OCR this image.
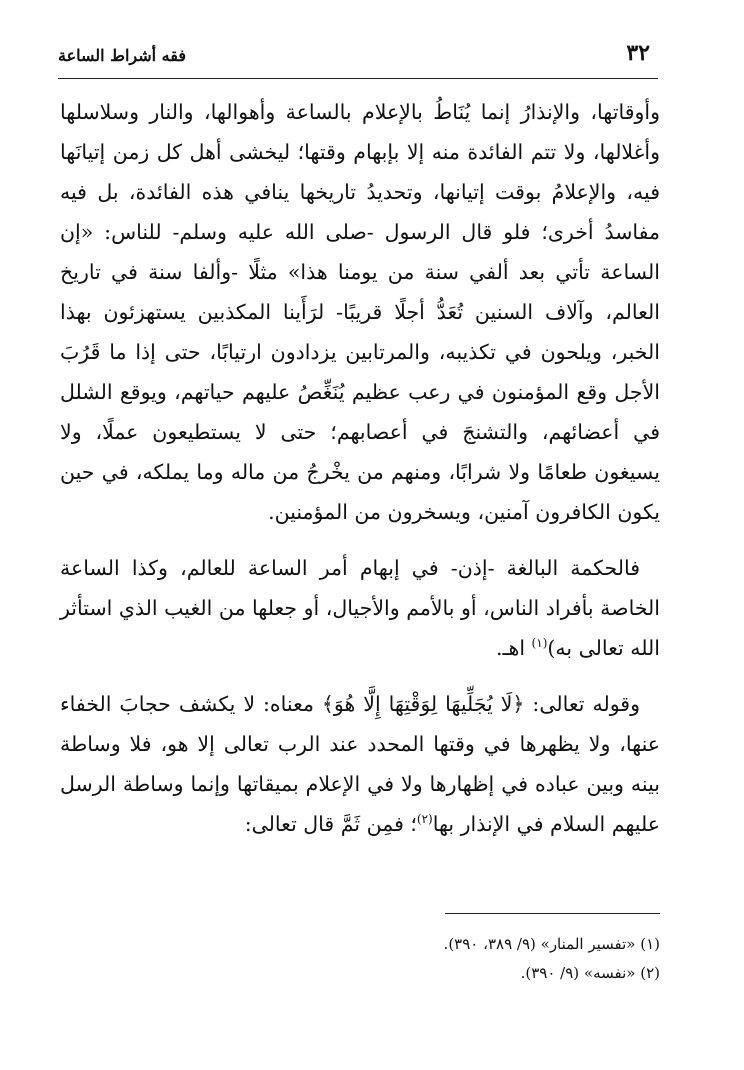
٣٢
فقه أشراط الساعة

وأوقاتها، والإنذارُ إنما يُنَاطُ بالإعلام بالساعة وأهوالها، والنار وسلاسلها وأغلالها، ولا تتم الفائدة منه إلا بإبهام وقتها؛ ليخشى أهل كل زمن إتيانَها فيه، والإعلامُ بوقت إتيانها، وتحديدُ تاريخها ينافي هذه الفائدة، بل فيه مفاسدُ أخرى؛ فلو قال الرسول -صلى الله عليه وسلم- للناس: «إن الساعة تأتي بعد ألفي سنة من يومنا هذا» مثلًا -وألفا سنة في تاريخ العالم، وآلاف السنين تُعَدُّ أجلًا قريبًا- لرَأَينا المكذبين يستهزئون بهذا الخبر، ويلحون في تكذيبه، والمرتابين يزدادون ارتيابًا، حتى إذا ما قَرُبَ الأجل وقع المؤمنون في رعب عظيم يُنَغِّصُ عليهم حياتهم، ويوقع الشلل في أعضائهم، والتشنجَ في أعصابهم؛ حتى لا يستطيعون عملًا، ولا يسيغون طعامًا ولا شرابًا، ومنهم من يخْرجُ من ماله وما يملكه، في حين يكون الكافرون آمنين، ويسخرون من المؤمنين.

فالحكمة البالغة -إذن- في إبهام أمر الساعة للعالم، وكذا الساعة الخاصة بأفراد الناس، أو بالأمم والأجيال، أو جعلها من الغيب الذي استأثر الله تعالى به)$^{(١)}$ اهـ.

وقوله تعالى: ﴿لَا يُجَلِّيهَا لِوَقْتِهَا إِلَّا هُوَ﴾ معناه: لا يكشف حجابَ الخفاء عنها، ولا يظهرها في وقتها المحدد عند الرب تعالى إلا هو، فلا وساطة بينه وبين عباده في إظهارها ولا في الإعلام بميقاتها وإنما وساطة الرسل عليهم السلام في الإنذار بها$^{(٢)}$؛ فمِن ثَمَّ قال تعالى:

(١) «تفسير المنار» (٩/ ٣٨٩، ٣٩٠).

(٢) «نفسه» (٩/ ٣٩٠).
